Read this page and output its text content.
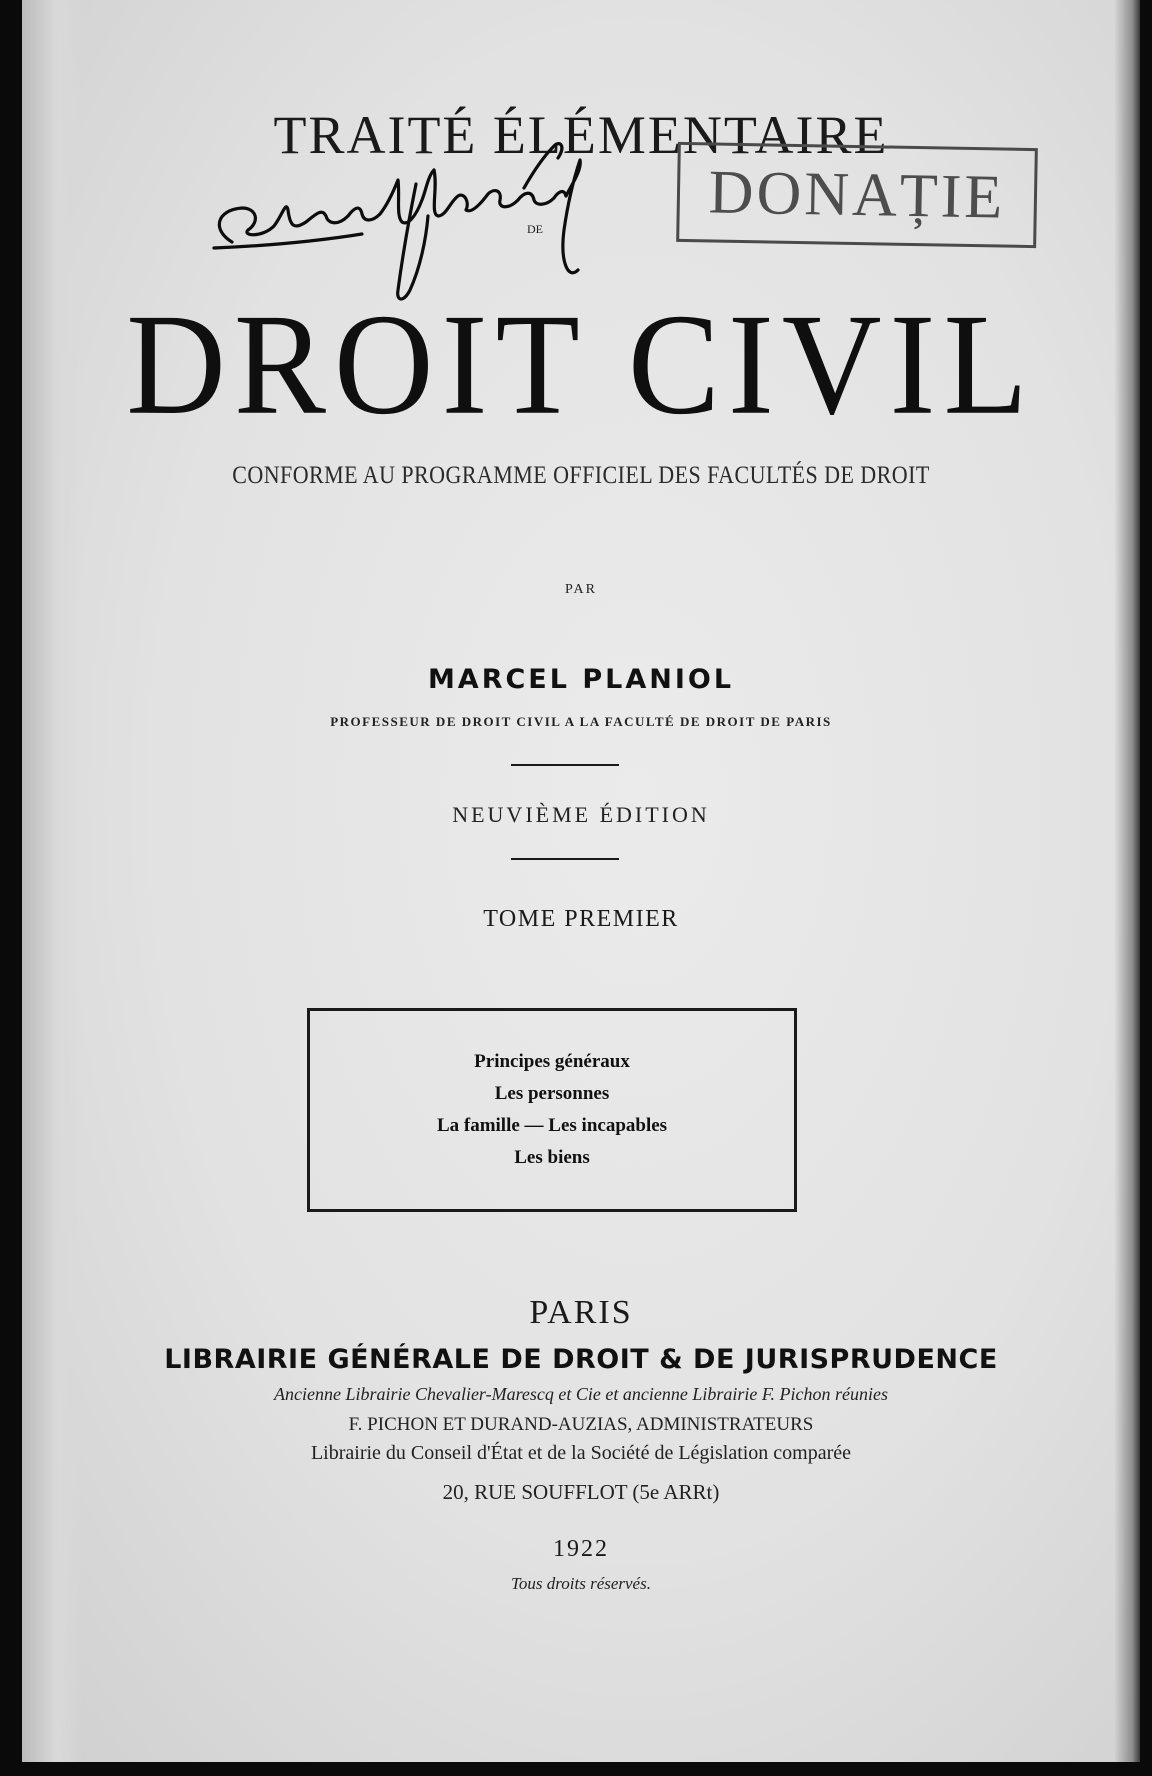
TRAITÉ ÉLÉMENTAIRE
DE
DROIT CIVIL
CONFORME AU PROGRAMME OFFICIEL DES FACULTÉS DE DROIT
PAR
MARCEL PLANIOL
PROFESSEUR DE DROIT CIVIL A LA FACULTÉ DE DROIT DE PARIS
NEUVIÈME ÉDITION
TOME PREMIER
Principes généraux
Les personnes
La famille — Les incapables
Les biens
PARIS
LIBRAIRIE GÉNÉRALE DE DROIT & DE JURISPRUDENCE
Ancienne Librairie Chevalier-Marescq et Cie et ancienne Librairie F. Pichon réunies
F. PICHON ET DURAND-AUZIAS, ADMINISTRATEURS
Librairie du Conseil d'État et de la Société de Législation comparée
20, RUE SOUFFLOT (5e ARRt)
1922
Tous droits réservés.
DONAȚIE
